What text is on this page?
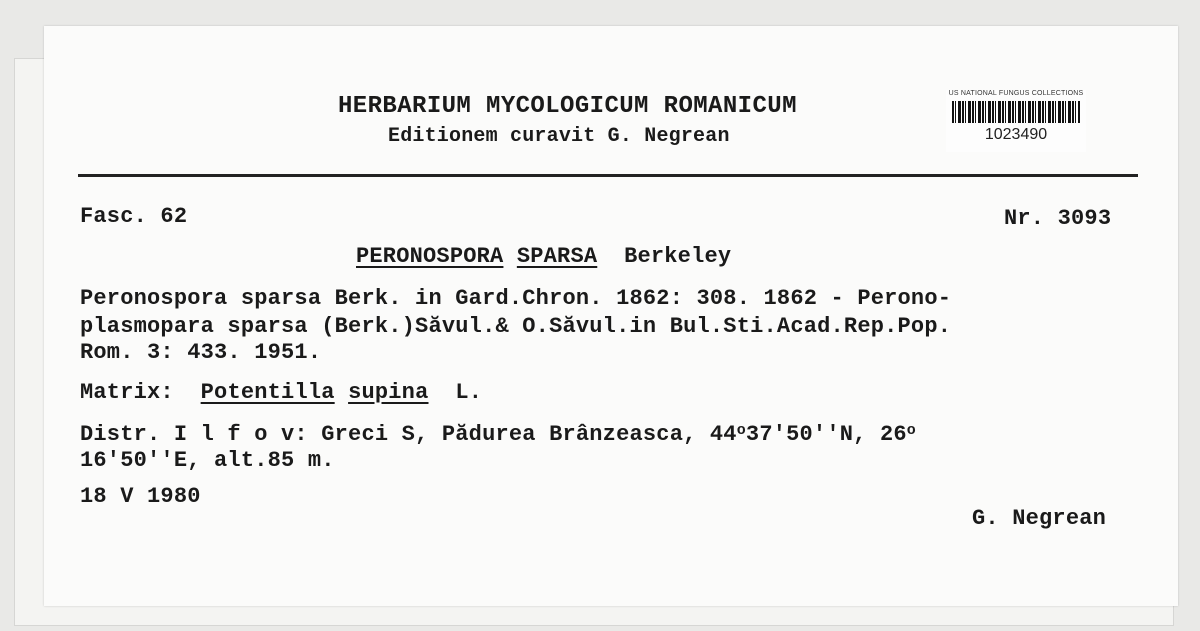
HERBARIUM MYCOLOGICUM ROMANICUM
Editionem curavit G. Negrean
US NATIONAL FUNGUS COLLECTIONS
1023490
Fasc. 62	Nr. 3093
PERONOSPORA SPARSA Berkeley
Peronospora sparsa Berk. in Gard.Chron. 1862: 308. 1862 - Perono-
plasmopara sparsa (Berk.)Săvul.& O.Săvul.in Bul.Sti.Acad.Rep.Pop.
Rom. 3: 433. 1951.
Matrix: Potentilla supina L.
Distr. I l f o v: Greci S, Pădurea Brânzeasca, 44$^o$37'50''N, 26$^o$
16'50''E, alt.85 m.
18 V 1980
G. Negrean
